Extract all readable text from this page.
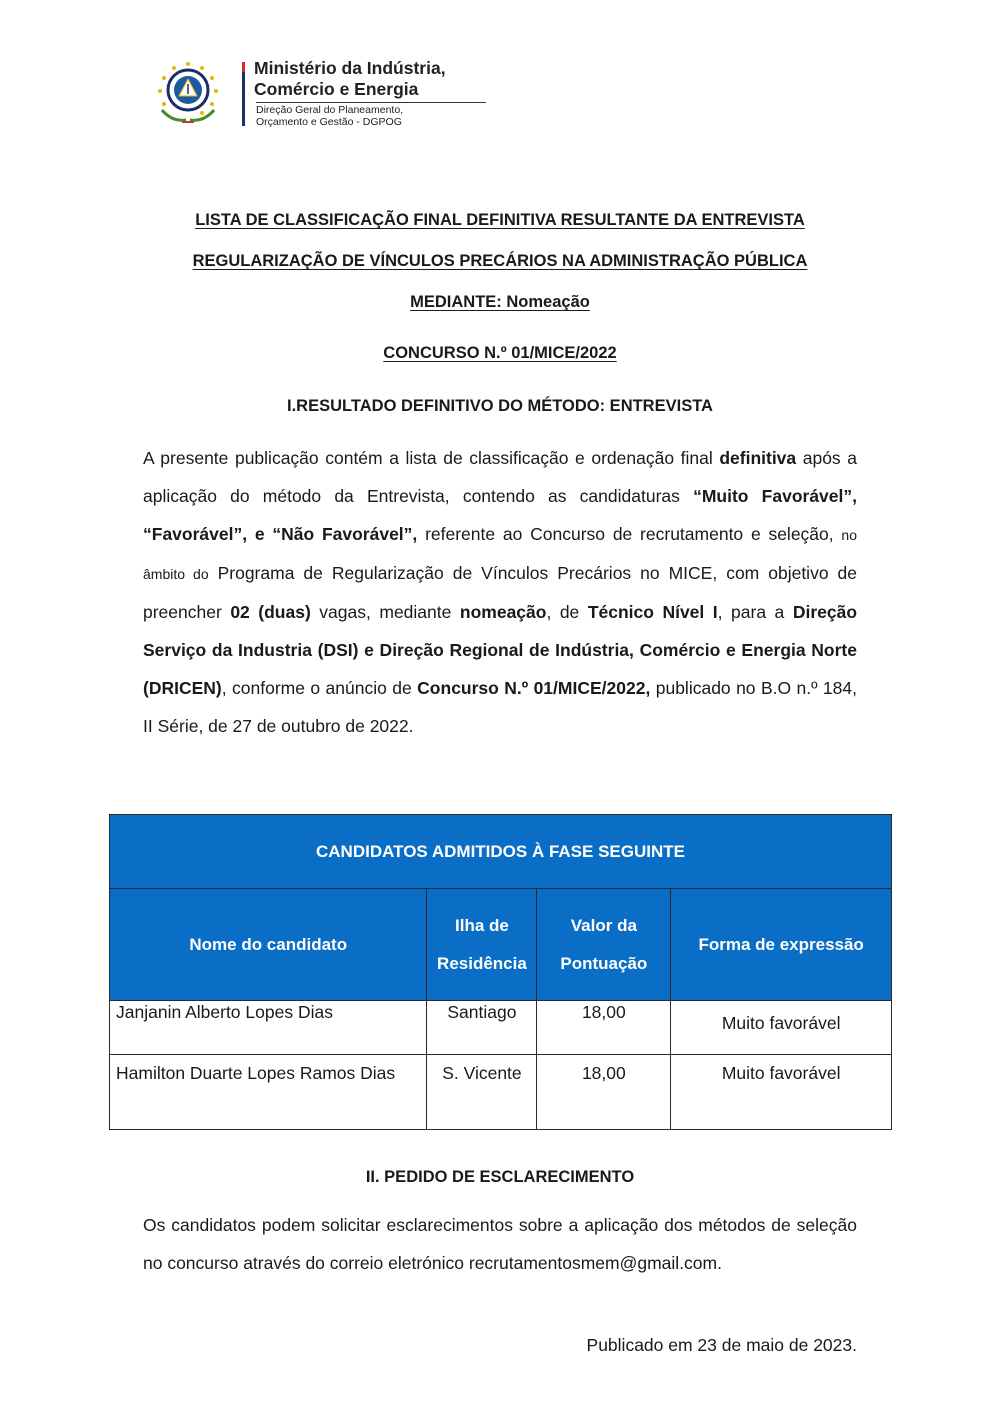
Ministério da Indústria,
Comércio e Energia
Direção Geral do Planeamento,
Orçamento e Gestão - DGPOG
LISTA DE CLASSIFICAÇÃO FINAL DEFINITIVA RESULTANTE DA ENTREVISTA
REGULARIZAÇÃO DE VÍNCULOS PRECÁRIOS NA ADMINISTRAÇÃO PÚBLICA
MEDIANTE: Nomeação
CONCURSO N.º 01/MICE/2022
I.RESULTADO DEFINITIVO DO MÉTODO: ENTREVISTA
A presente publicação contém a lista de classificação e ordenação final definitiva após a aplicação do método da Entrevista, contendo as candidaturas “Muito Favorável”, “Favorável”, e “Não Favorável”, referente ao Concurso de recrutamento e seleção, no âmbito do Programa de Regularização de Vínculos Precários no MICE, com objetivo de preencher 02 (duas) vagas, mediante nomeação, de Técnico Nível I, para a Direção Serviço da Industria (DSI) e Direção Regional de Indústria, Comércio e Energia Norte (DRICEN), conforme o anúncio de Concurso N.º 01/MICE/2022, publicado no B.O n.º 184, II Série, de 27 de outubro de 2022.
CANDIDATOS ADMITIDOS À FASE SEGUINTE			
Nome do candidato	Ilha de Residência	Valor da Pontuação	Forma de expressão
Janjanin Alberto Lopes Dias	Santiago	18,00	Muito favorável

Hamilton Duarte Lopes Ramos Dias	S. Vicente	18,00	Muito favorável
II. PEDIDO DE ESCLARECIMENTO
Os candidatos podem solicitar esclarecimentos sobre a aplicação dos métodos de seleção no concurso através do correio eletrónico recrutamentosmem@gmail.com.
Publicado em 23 de maio de 2023.
